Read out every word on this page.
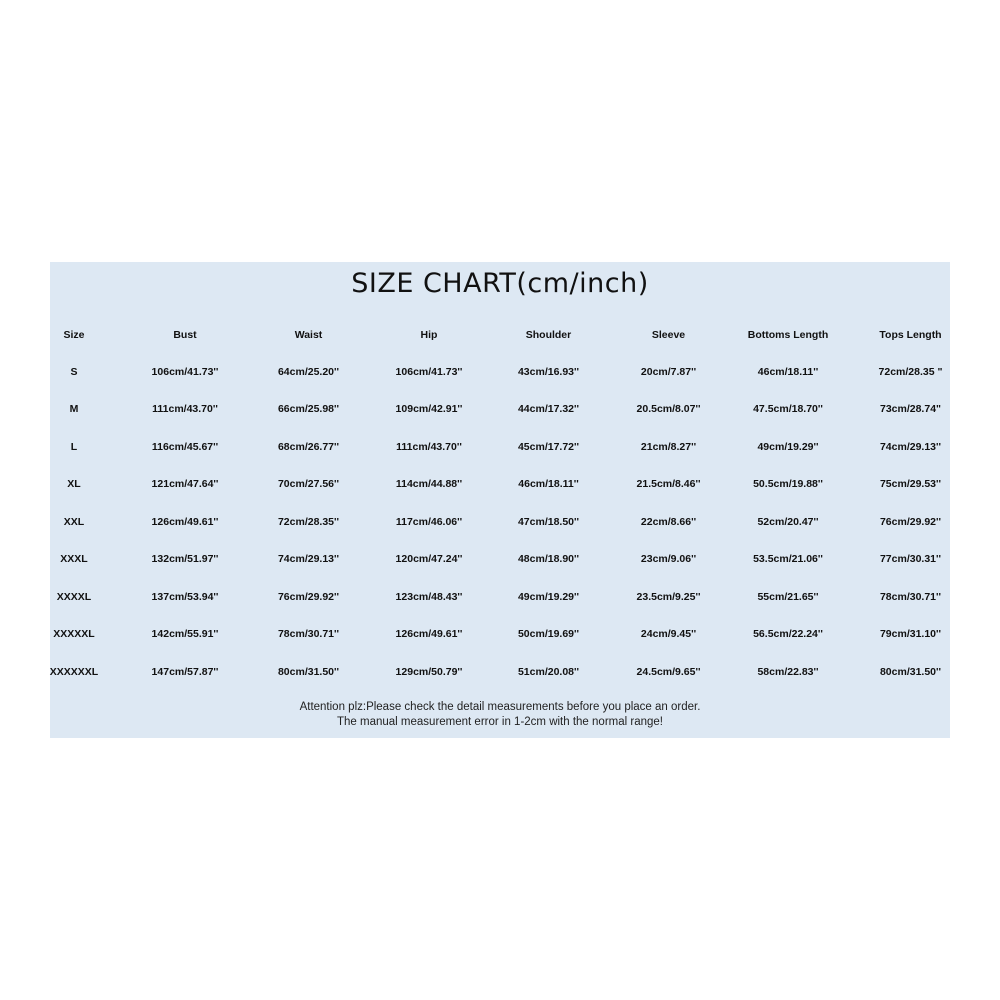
SIZE CHART(cm/inch)
Size	Bust	Waist	Hip	Shoulder	Sleeve	Bottoms Length	Tops Length
S	106cm/41.73''	64cm/25.20''	106cm/41.73''	43cm/16.93''	20cm/7.87''	46cm/18.11''	72cm/28.35 "
M	111cm/43.70''	66cm/25.98''	109cm/42.91''	44cm/17.32''	20.5cm/8.07''	47.5cm/18.70''	73cm/28.74"
L	116cm/45.67''	68cm/26.77''	111cm/43.70''	45cm/17.72''	21cm/8.27''	49cm/19.29''	74cm/29.13''
XL	121cm/47.64''	70cm/27.56''	114cm/44.88''	46cm/18.11''	21.5cm/8.46''	50.5cm/19.88''	75cm/29.53''
XXL	126cm/49.61''	72cm/28.35''	117cm/46.06''	47cm/18.50''	22cm/8.66''	52cm/20.47''	76cm/29.92''
XXXL	132cm/51.97''	74cm/29.13''	120cm/47.24''	48cm/18.90''	23cm/9.06''	53.5cm/21.06''	77cm/30.31''
XXXXL	137cm/53.94''	76cm/29.92''	123cm/48.43''	49cm/19.29''	23.5cm/9.25''	55cm/21.65''	78cm/30.71''
XXXXXL	142cm/55.91''	78cm/30.71''	126cm/49.61''	50cm/19.69''	24cm/9.45''	56.5cm/22.24''	79cm/31.10''
XXXXXXL	147cm/57.87''	80cm/31.50''	129cm/50.79''	51cm/20.08''	24.5cm/9.65''	58cm/22.83''	80cm/31.50''
Attention plz:Please check the detail measurements before you place an order.
The manual measurement error in 1-2cm with the normal range!
